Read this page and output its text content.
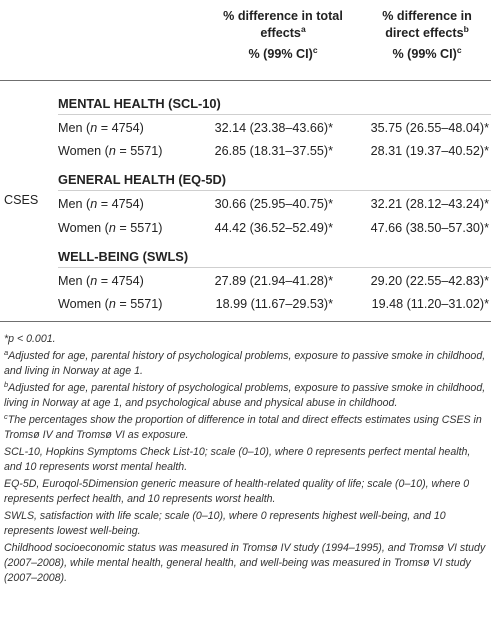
% difference in total
effects$^a$
% (99% CI)$^c$
% difference in
direct effects$^b$
% (99% CI)$^c$
CSES
MENTAL HEALTH (SCL-10)
Men (n = 4754)	32.14 (23.38–43.66)*	35.75 (26.55–48.04)*
Women (n = 5571)	26.85 (18.31–37.55)*	28.31 (19.37–40.52)*
GENERAL HEALTH (EQ-5D)
Men (n = 4754)	30.66 (25.95–40.75)*	32.21 (28.12–43.24)*
Women (n = 5571)	44.42 (36.52–52.49)*	47.66 (38.50–57.30)*
WELL-BEING (SWLS)
Men (n = 4754)	27.89 (21.94–41.28)*	29.20 (22.55–42.83)*
Women (n = 5571)	18.99 (11.67–29.53)*	19.48 (11.20–31.02)*

*p < 0.001.

$^a$Adjusted for age, parental history of psychological problems, exposure to passive smoke in childhood, and living in Norway at age 1.

$^b$Adjusted for age, parental history of psychological problems, exposure to passive smoke in childhood, living in Norway at age 1, and psychological abuse and physical abuse in childhood.

$^c$The percentages show the proportion of difference in total and direct effects estimates using CSES in Tromsø IV and Tromsø VI as exposure.

SCL-10, Hopkins Symptoms Check List-10; scale (0–10), where 0 represents perfect mental health, and 10 represents worst mental health.

EQ-5D, Euroqol-5Dimension generic measure of health-related quality of life; scale (0–10), where 0 represents perfect health, and 10 represents worst health.

SWLS, satisfaction with life scale; scale (0–10), where 0 represents highest well-being, and 10 represents lowest well-being.

Childhood socioeconomic status was measured in Tromsø IV study (1994–1995), and Tromsø VI study (2007–2008), while mental health, general health, and well-being was measured in Tromsø VI study (2007–2008).
